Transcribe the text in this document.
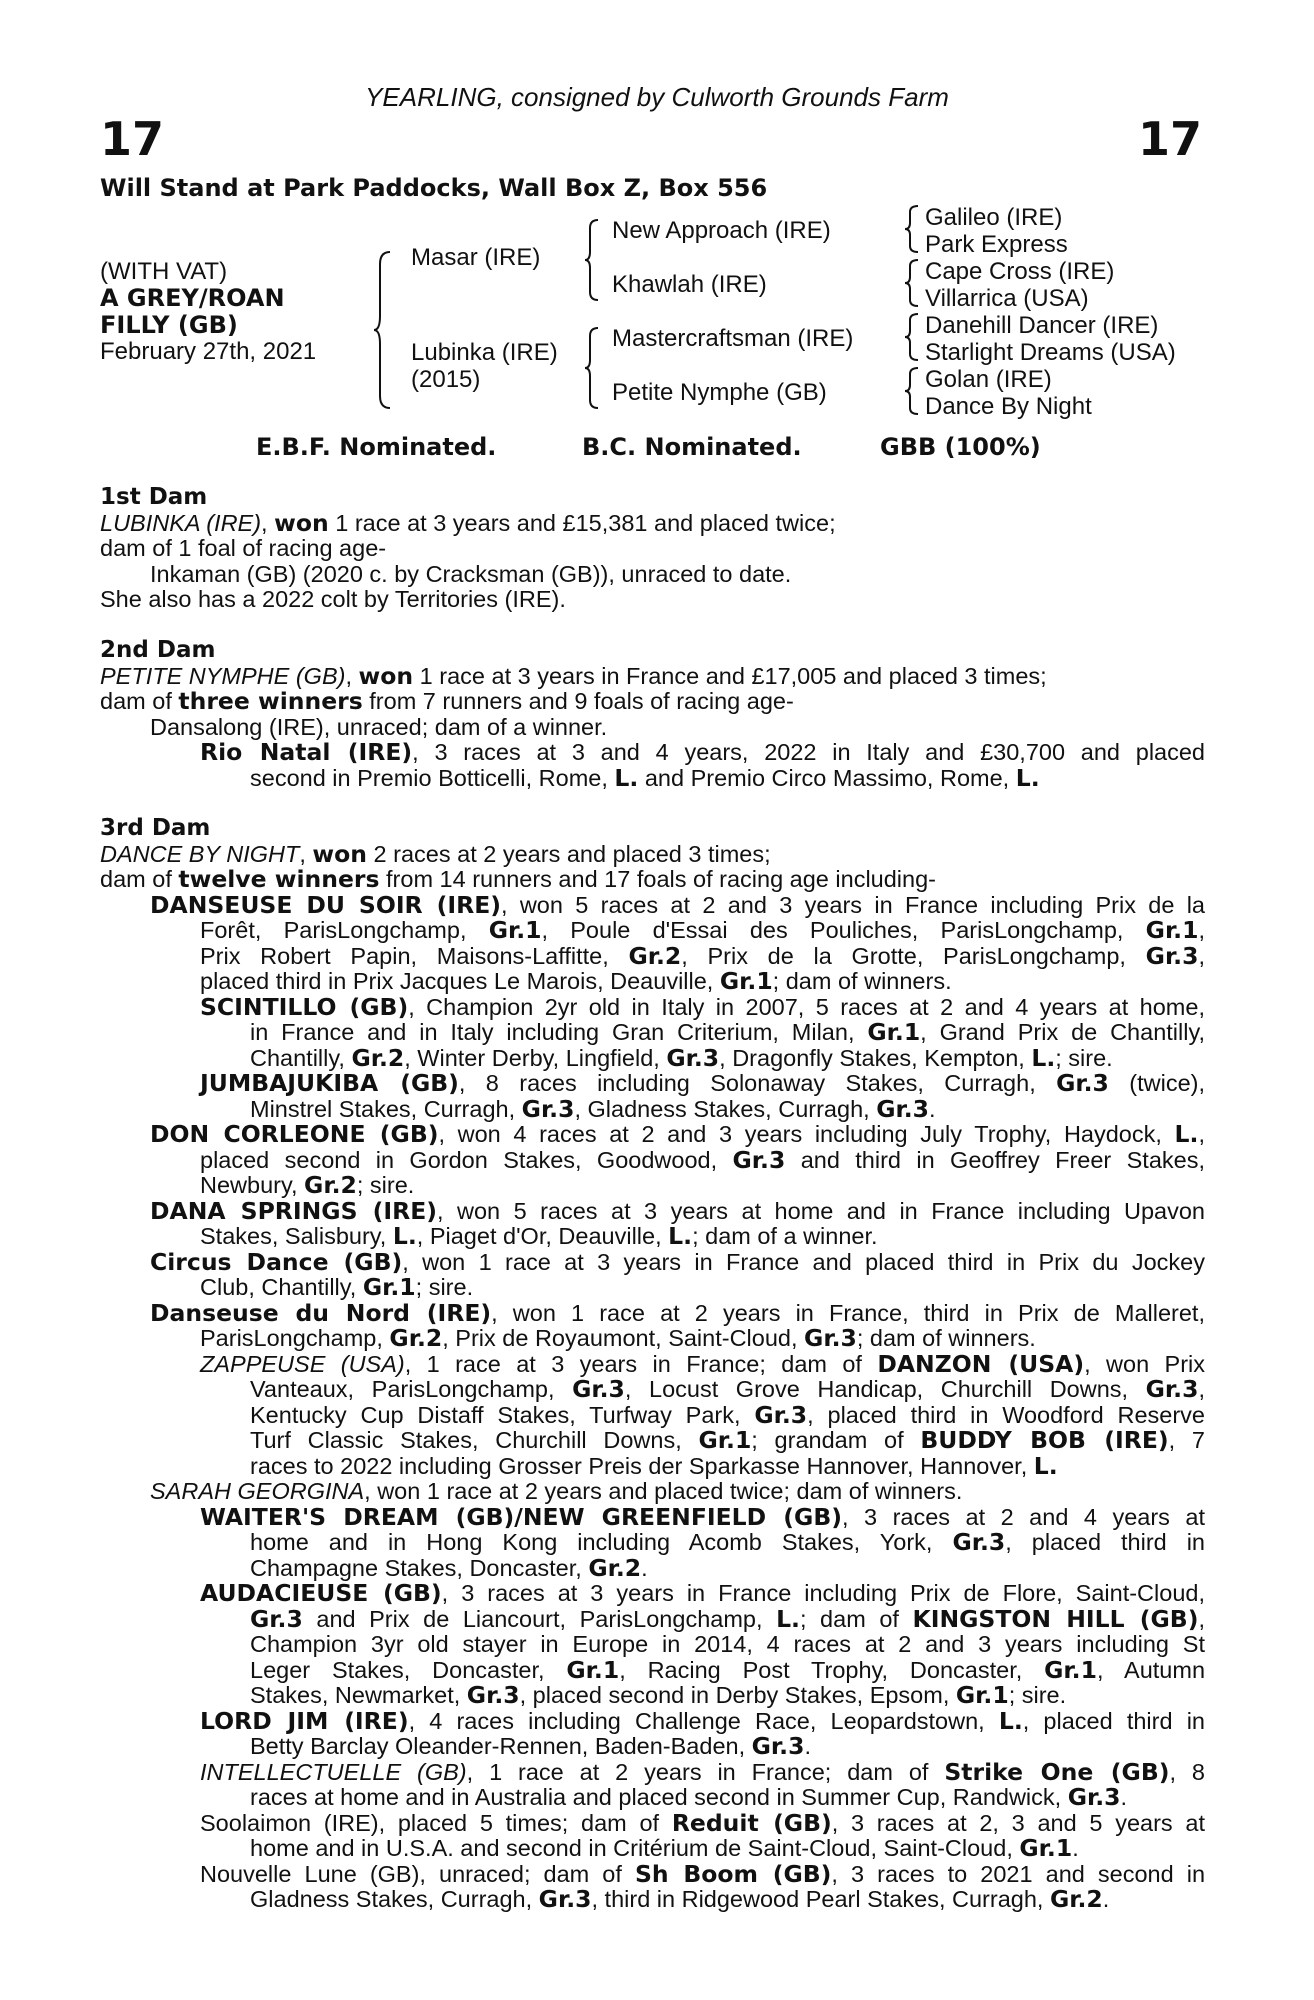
YEARLING, consigned by Culworth Grounds Farm
17	17
Will Stand at Park Paddocks, Wall Box Z, Box 556
(WITH VAT)
A GREY/ROAN
FILLY (GB)
February 27th, 2021
Masar (IRE)
Lubinka (IRE)
(2015)
New Approach (IRE)
Khawlah (IRE)
Mastercraftsman (IRE)
Petite Nymphe (GB)
Galileo (IRE)
Park Express
Cape Cross (IRE)
Villarrica (USA)
Danehill Dancer (IRE)
Starlight Dreams (USA)
Golan (IRE)
Dance By Night
E.B.F. Nominated.	B.C. Nominated.	GBB (100%)
1st Dam
LUBINKA (IRE), won 1 race at 3 years and £15,381 and placed twice;
dam of 1 foal of racing age-
Inkaman (GB) (2020 c. by Cracksman (GB)), unraced to date.
She also has a 2022 colt by Territories (IRE).
2nd Dam
PETITE NYMPHE (GB), won 1 race at 3 years in France and £17,005 and placed 3 times;
dam of three winners from 7 runners and 9 foals of racing age-
Dansalong (IRE), unraced; dam of a winner.
Rio Natal (IRE), 3 races at 3 and 4 years, 2022 in Italy and £30,700 and placed
second in Premio Botticelli, Rome, L. and Premio Circo Massimo, Rome, L.
3rd Dam
DANCE BY NIGHT, won 2 races at 2 years and placed 3 times;
dam of twelve winners from 14 runners and 17 foals of racing age including-
DANSEUSE DU SOIR (IRE), won 5 races at 2 and 3 years in France including Prix de la
Forêt, ParisLongchamp, Gr.1, Poule d'Essai des Pouliches, ParisLongchamp, Gr.1,
Prix Robert Papin, Maisons-Laffitte, Gr.2, Prix de la Grotte, ParisLongchamp, Gr.3,
placed third in Prix Jacques Le Marois, Deauville, Gr.1; dam of winners.
SCINTILLO (GB), Champion 2yr old in Italy in 2007, 5 races at 2 and 4 years at home,
in France and in Italy including Gran Criterium, Milan, Gr.1, Grand Prix de Chantilly,
Chantilly, Gr.2, Winter Derby, Lingfield, Gr.3, Dragonfly Stakes, Kempton, L.; sire.
JUMBAJUKIBA (GB), 8 races including Solonaway Stakes, Curragh, Gr.3 (twice),
Minstrel Stakes, Curragh, Gr.3, Gladness Stakes, Curragh, Gr.3.
DON CORLEONE (GB), won 4 races at 2 and 3 years including July Trophy, Haydock, L.,
placed second in Gordon Stakes, Goodwood, Gr.3 and third in Geoffrey Freer Stakes,
Newbury, Gr.2; sire.
DANA SPRINGS (IRE), won 5 races at 3 years at home and in France including Upavon
Stakes, Salisbury, L., Piaget d'Or, Deauville, L.; dam of a winner.
Circus Dance (GB), won 1 race at 3 years in France and placed third in Prix du Jockey
Club, Chantilly, Gr.1; sire.
Danseuse du Nord (IRE), won 1 race at 2 years in France, third in Prix de Malleret,
ParisLongchamp, Gr.2, Prix de Royaumont, Saint-Cloud, Gr.3; dam of winners.
ZAPPEUSE (USA), 1 race at 3 years in France; dam of DANZON (USA), won Prix
Vanteaux, ParisLongchamp, Gr.3, Locust Grove Handicap, Churchill Downs, Gr.3,
Kentucky Cup Distaff Stakes, Turfway Park, Gr.3, placed third in Woodford Reserve
Turf Classic Stakes, Churchill Downs, Gr.1; grandam of BUDDY BOB (IRE), 7
races to 2022 including Grosser Preis der Sparkasse Hannover, Hannover, L.
SARAH GEORGINA, won 1 race at 2 years and placed twice; dam of winners.
WAITER'S DREAM (GB)/NEW GREENFIELD (GB), 3 races at 2 and 4 years at
home and in Hong Kong including Acomb Stakes, York, Gr.3, placed third in
Champagne Stakes, Doncaster, Gr.2.
AUDACIEUSE (GB), 3 races at 3 years in France including Prix de Flore, Saint-Cloud,
Gr.3 and Prix de Liancourt, ParisLongchamp, L.; dam of KINGSTON HILL (GB),
Champion 3yr old stayer in Europe in 2014, 4 races at 2 and 3 years including St
Leger Stakes, Doncaster, Gr.1, Racing Post Trophy, Doncaster, Gr.1, Autumn
Stakes, Newmarket, Gr.3, placed second in Derby Stakes, Epsom, Gr.1; sire.
LORD JIM (IRE), 4 races including Challenge Race, Leopardstown, L., placed third in
Betty Barclay Oleander-Rennen, Baden-Baden, Gr.3.
INTELLECTUELLE (GB), 1 race at 2 years in France; dam of Strike One (GB), 8
races at home and in Australia and placed second in Summer Cup, Randwick, Gr.3.
Soolaimon (IRE), placed 5 times; dam of Reduit (GB), 3 races at 2, 3 and 5 years at
home and in U.S.A. and second in Critérium de Saint-Cloud, Saint-Cloud, Gr.1.
Nouvelle Lune (GB), unraced; dam of Sh Boom (GB), 3 races to 2021 and second in
Gladness Stakes, Curragh, Gr.3, third in Ridgewood Pearl Stakes, Curragh, Gr.2.
